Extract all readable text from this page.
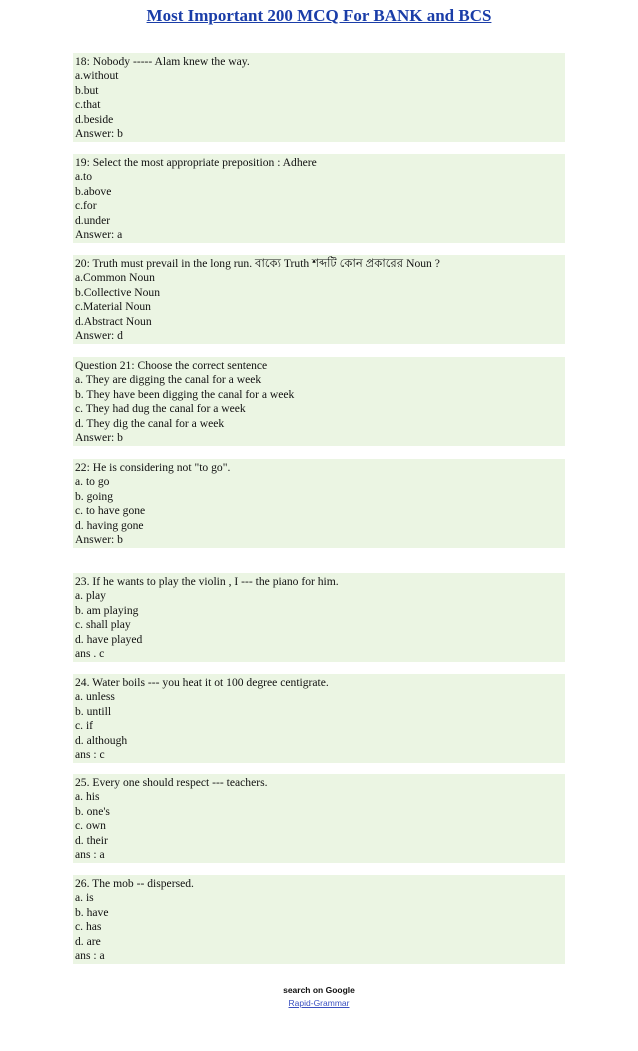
Most Important 200 MCQ For BANK and BCS
18: Nobody ----- Alam knew the way.
a.without
b.but
c.that
d.beside
Answer: b
19: Select the most appropriate preposition : Adhere
a.to
b.above
c.for
d.under
Answer: a
20: Truth must prevail in the long run. বাক্যে Truth শব্দটি কোন প্রকারের Noun ?
a.Common Noun
b.Collective Noun
c.Material Noun
d.Abstract Noun
Answer: d
Question 21: Choose the correct sentence
a. They are digging the canal for a week
b. They have been digging the canal for a week
c. They had dug the canal for a week
d. They dig the canal for a week
Answer: b
22: He is considering not "to go".
a. to go
b. going
c. to have gone
d. having gone
Answer: b
23. If he wants to play the violin , I --- the piano for him.
a. play
b. am playing
c. shall play
d. have played
ans . c
24. Water boils --- you heat it ot 100 degree centigrate.
a. unless
b. untill
c. if
d. although
ans : c
25. Every one should respect --- teachers.
a. his
b. one's
c. own
d. their
ans : a
26. The mob -- dispersed.
a. is
b. have
c. has
d. are
ans : a
search on Google
Rapid-Grammar
